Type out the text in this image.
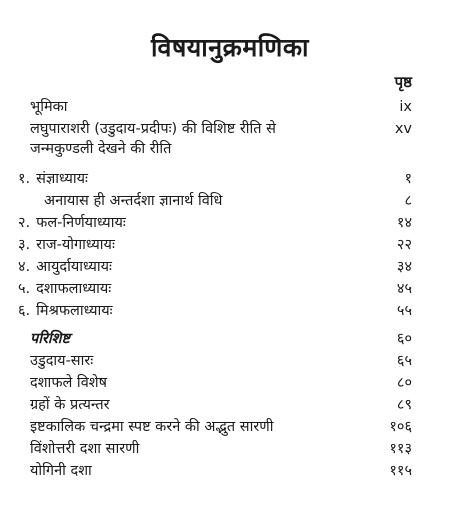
विषयानुक्रमणिका
पृष्ठ
भूमिका	ix
लघुपाराशरी (उडुदाय-प्रदीपः) की विशिष्ट रीति से	xv
जन्मकुण्डली देखने की रीति
१. संज्ञाध्यायः	१
अनायास ही अन्तर्दशा ज्ञानार्थ विधि	८
२. फल-निर्णयाध्यायः	१४
३. राज-योगाध्यायः	२२
४. आयुर्दायाध्यायः	३४
५. दशाफलाध्यायः	४५
६. मिश्रफलाध्यायः	५५
परिशिष्ट	६०
उडुदाय-सारः	६५
दशाफले विशेष	८०
ग्रहों के प्रत्यन्तर	८९
इष्टकालिक चन्द्रमा स्पष्ट करने की अद्भुत सारणी	१०६
विंशोत्तरी दशा सारणी	११३
योगिनी दशा	११५
